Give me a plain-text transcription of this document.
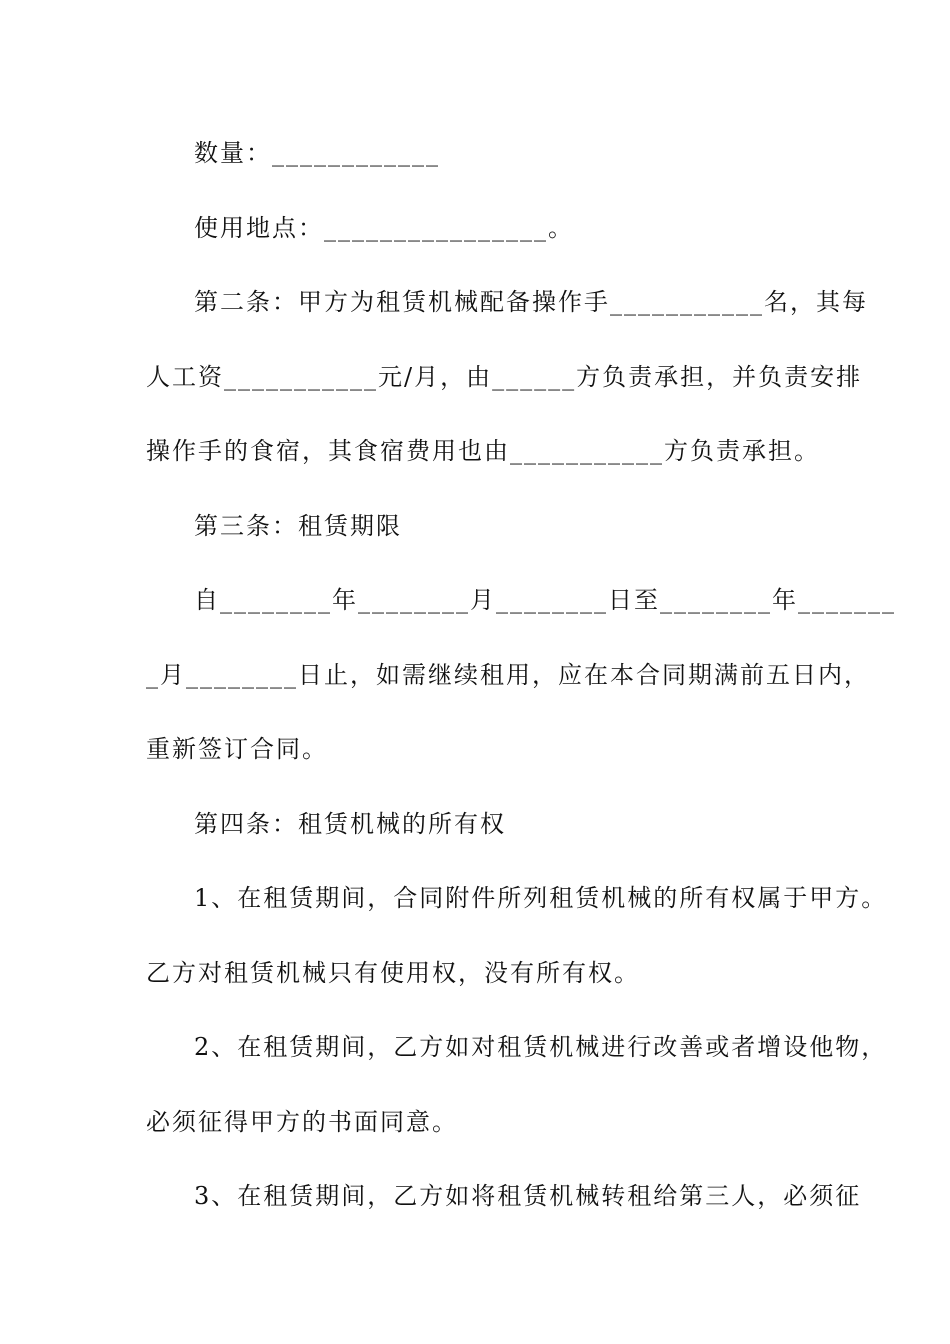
数量：____________
使用地点：________________。
第二条：甲方为租赁机械配备操作手___________名，其每
人工资___________元/月，由______方负责承担，并负责安排
操作手的食宿，其食宿费用也由___________方负责承担。
第三条：租赁期限
自________年________月________日至________年_______
_月________日止，如需继续租用，应在本合同期满前五日内，
重新签订合同。
第四条：租赁机械的所有权
1、在租赁期间，合同附件所列租赁机械的所有权属于甲方。
乙方对租赁机械只有使用权，没有所有权。
2、在租赁期间，乙方如对租赁机械进行改善或者增设他物，
必须征得甲方的书面同意。
3、在租赁期间，乙方如将租赁机械转租给第三人，必须征
